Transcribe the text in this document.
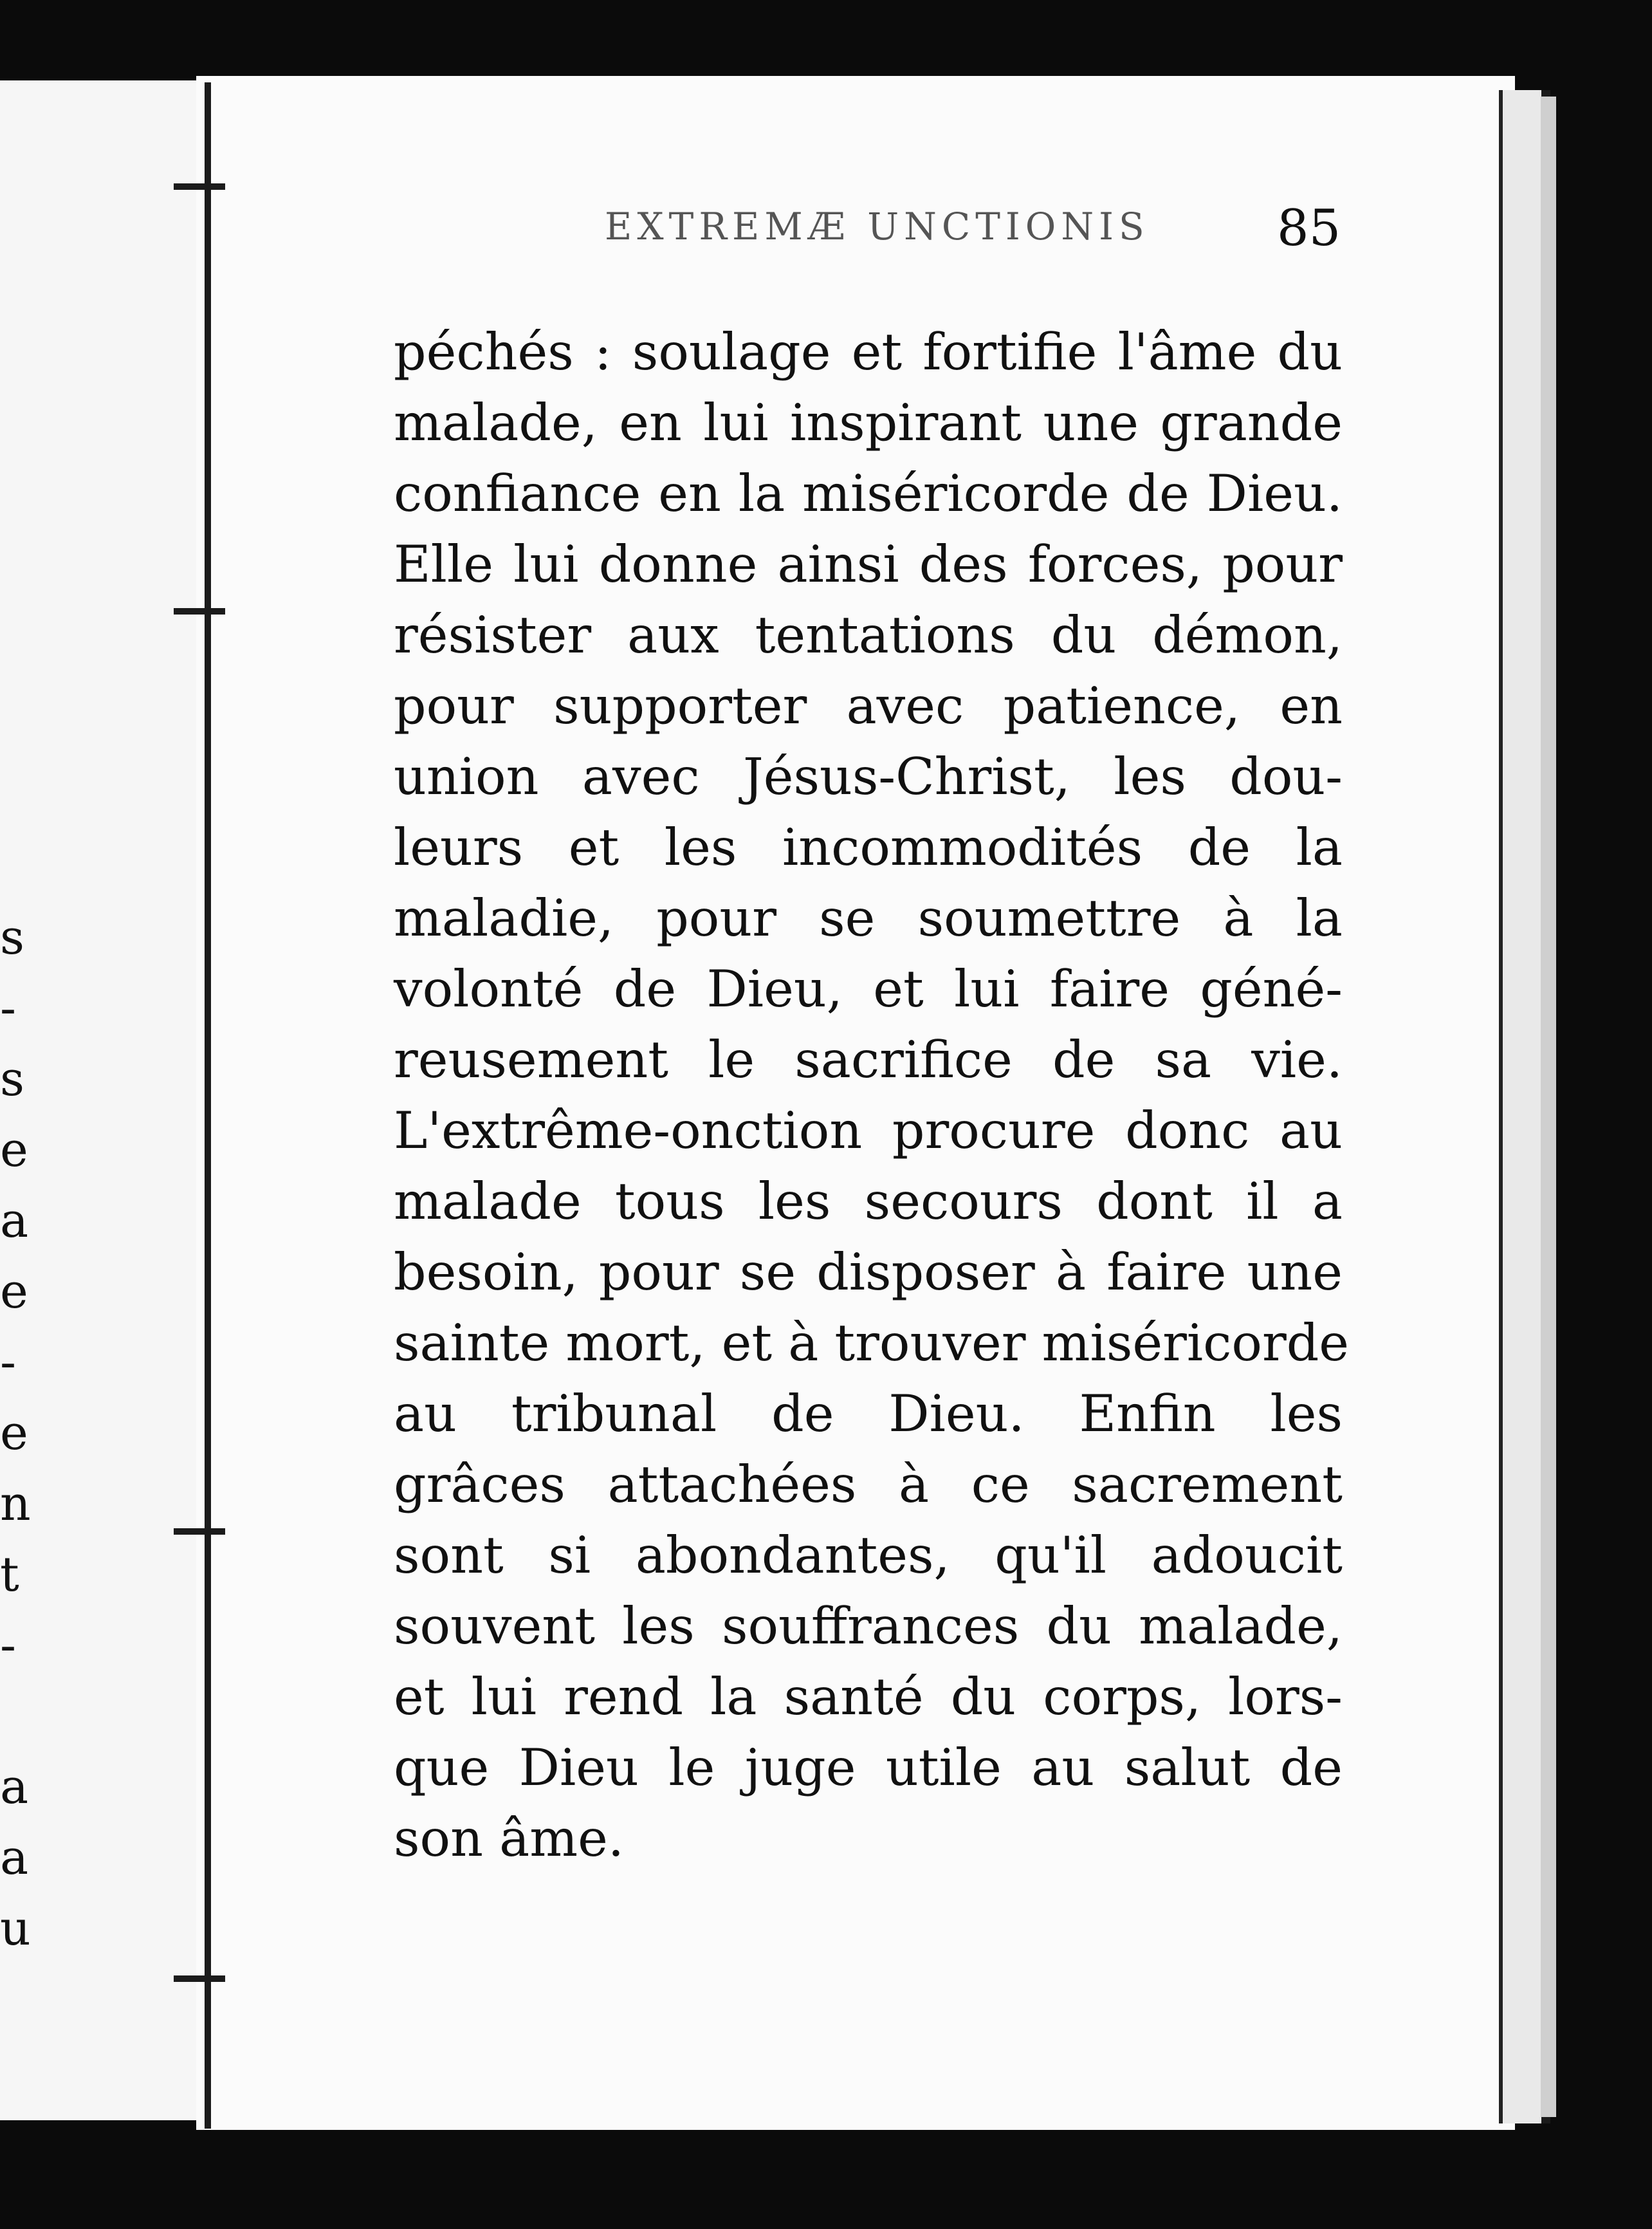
s
-
s
e
a
e
-
e
n
t
-
a
a
u
EXTREMÆ UNCTIONIS	85
péchés : soulage et fortifie l'âme du
malade, en lui inspirant une grande
confiance en la miséricorde de Dieu.
Elle lui donne ainsi des forces, pour
résister aux tentations du démon,
pour supporter avec patience, en
union avec Jésus-Christ, les dou-
leurs et les incommodités de la
maladie, pour se soumettre à la
volonté de Dieu, et lui faire géné-
reusement le sacrifice de sa vie.
L'extrême-onction procure donc au
malade tous les secours dont il a
besoin, pour se disposer à faire une
sainte mort, et à trouver miséricorde
au tribunal de Dieu. Enfin les
grâces attachées à ce sacrement
sont si abondantes, qu'il adoucit
souvent les souffrances du malade,
et lui rend la santé du corps, lors-
que Dieu le juge utile au salut de
son âme.
